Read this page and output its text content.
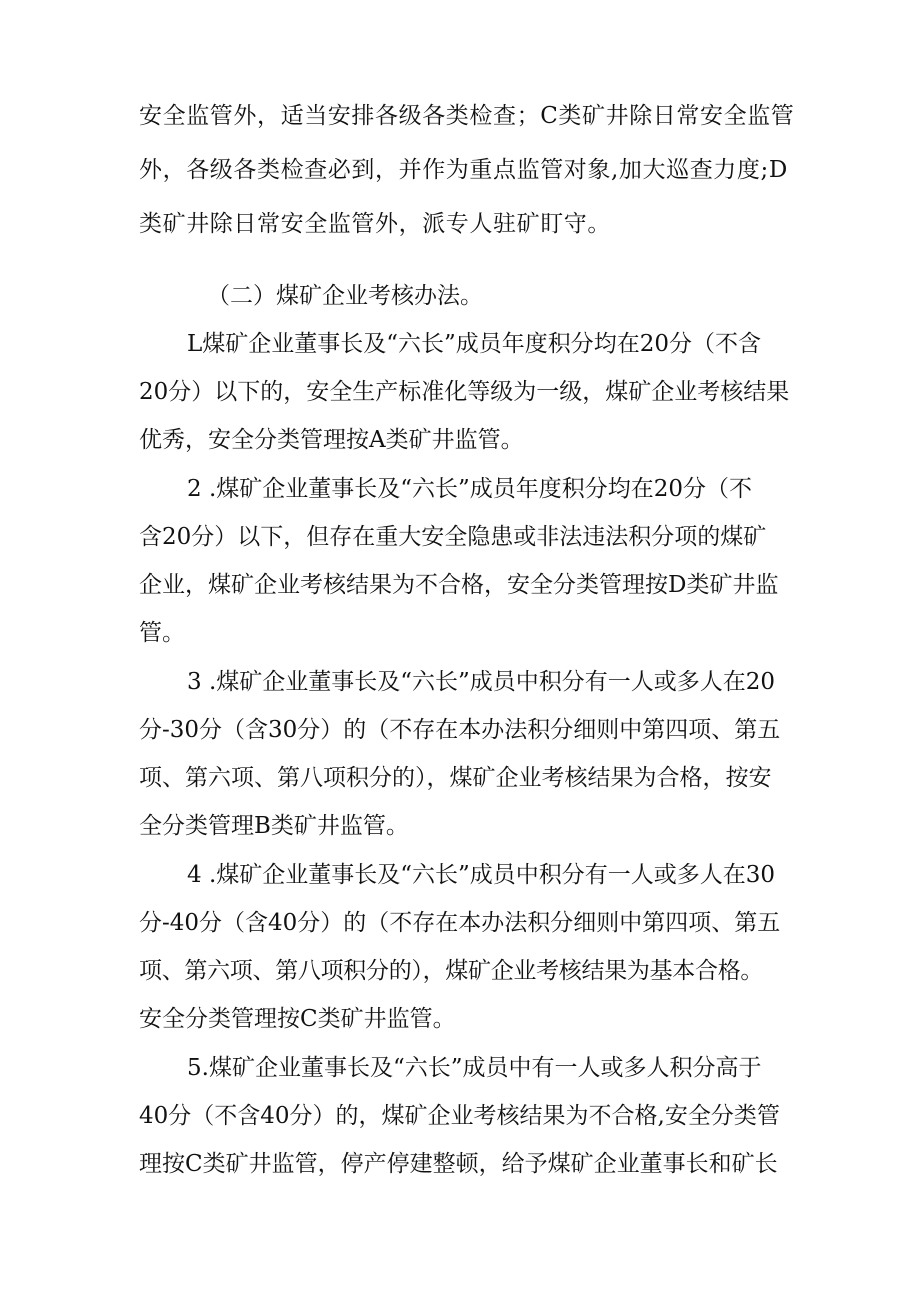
安全监管外，适当安排各级各类检查；C类矿井除日常安全监管
外，各级各类检查必到，并作为重点监管对象,加大巡查力度;D
类矿井除日常安全监管外，派专人驻矿盯守。
（二）煤矿企业考核办法。
L煤矿企业董事长及“六长”成员年度积分均在20分（不含
20分）以下的，安全生产标准化等级为一级，煤矿企业考核结果
优秀，安全分类管理按A类矿井监管。
2 .煤矿企业董事长及“六长”成员年度积分均在20分（不
含20分）以下，但存在重大安全隐患或非法违法积分项的煤矿
企业，煤矿企业考核结果为不合格，安全分类管理按D类矿井监
管。
3 .煤矿企业董事长及“六长”成员中积分有一人或多人在20
分-30分（含30分）的（不存在本办法积分细则中第四项、第五
项、第六项、第八项积分的），煤矿企业考核结果为合格，按安
全分类管理B类矿井监管。
4 .煤矿企业董事长及“六长”成员中积分有一人或多人在30
分-40分（含40分）的（不存在本办法积分细则中第四项、第五
项、第六项、第八项积分的），煤矿企业考核结果为基本合格。
安全分类管理按C类矿井监管。
5.煤矿企业董事长及“六长”成员中有一人或多人积分高于
40分（不含40分）的，煤矿企业考核结果为不合格,安全分类管
理按C类矿井监管，停产停建整顿，给予煤矿企业董事长和矿长
